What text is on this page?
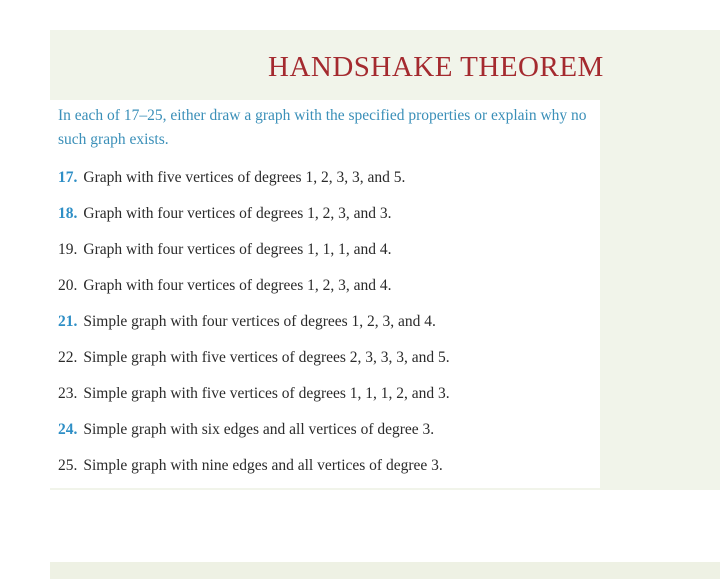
HANDSHAKE THEOREM

In each of 17–25, either draw a graph with the specified properties or explain why no such graph exists.

17. Graph with five vertices of degrees 1, 2, 3, 3, and 5.
18. Graph with four vertices of degrees 1, 2, 3, and 3.
19. Graph with four vertices of degrees 1, 1, 1, and 4.
20. Graph with four vertices of degrees 1, 2, 3, and 4.
21. Simple graph with four vertices of degrees 1, 2, 3, and 4.
22. Simple graph with five vertices of degrees 2, 3, 3, 3, and 5.
23. Simple graph with five vertices of degrees 1, 1, 1, 2, and 3.
24. Simple graph with six edges and all vertices of degree 3.
25. Simple graph with nine edges and all vertices of degree 3.
